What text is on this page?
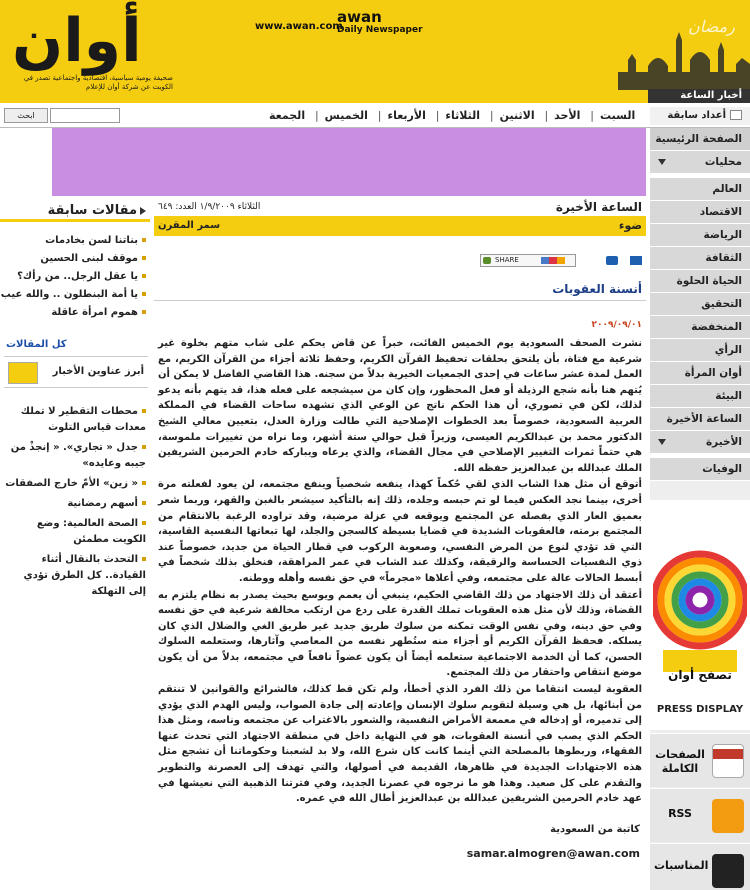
أوان
صحيفة يومية سياسية، اقتصادية واجتماعية تصدر في الكويت عن شركة أوان للإعلام
www.awan.com
awan
Daily Newspaper	رمضان
أخبار الساعة
ابحث	السبت| الأحد| الاثنين| الثلاثاء| الأربعاء| الخميس| الجمعة	أعداد سابقة
الصفحة الرئيسية
محليات
العالم
الاقتصاد
الرياضة
الثقافة
الحياة الحلوة
التحقيق
المنخفضة
الرأي
أوان المرأة
البيئة
الساعة الأخيرة
الأخيرة
الوفيات
تصفح أوان
PRESS DISPLAY
الصفحات الكاملة
RSS
المناسبات
مقالات سابقة
بناتنا لسن بخادمات
موقف لبنى الحسين
يا عقل الرجل.. من رأك؟
يا أمة البنطلون .. والله عيب
هموم امرأة عاقلة
كل المقالات
أبرز عناوين الأخبار
محطات التقطير لا تملك معدات قياس التلوث
جدل « تجاري». « إنجذْ من جيبه وعايده»
« زين» الأمّ خارج الصفقات
أسهم رمضانية
الصحة العالمية: وضع الكويت مطمئن
التحدث بالنقال أثناء القيادة.. كل الطرق تؤدي إلى التهلكة
الساعة الأخيرة
الثلاثاء ١/٩/٢٠٠٩ العدد: ٦٤٩
ضوء
سمر المقرن
SHARE
أنسنة العقوبات
٢٠٠٩/٠٩/٠١

نشرت الصحف السعودية يوم الخميس الفائت، خبراً عن قاض يحكم على شاب متهم بخلوة غير شرعية مع فتاة، بأن يلتحق بحلقات تحفيظ القرآن الكريم، وحفظ ثلاثة أجزاء من القرآن الكريم، مع العمل لمدة عشر ساعات في إحدى الجمعيات الخيرية بدلاً من سجنه. هذا القاضي الفاضل لا يمكن أن يُتهم هنا بأنه شجع الرذيلة أو فعل المحظور، وإن كان من سيشجعه على فعله هذا، قد يتهم بأنه يدعو لذلك، لكن في تصوري، أن هذا الحكم ناتج عن الوعي الذي تشهده ساحات القضاء في المملكة العربية السعودية، خصوصاً بعد الخطوات الإصلاحية التي طالت وزارة العدل، بتعيين معالي الشيخ الدكتور محمد بن عبدالكريم العيسى، وزيراً قبل حوالي ستة أشهر، وما نراه من تغييرات ملموسة، هي حتماً ثمرات التغيير الإصلاحي في مجال القضاء، والذي يرعاه ويباركه خادم الحرمين الشريفين الملك عبدالله بن عبدالعزيز حفظه الله.

أتوقع أن مثل هذا الشاب الذي لقي حُكماً كهذا، ينفعه شخصياً وينفع مجتمعه، لن يعود لفعلته مرة أخرى، بينما نجد العكس فيما لو تم حبسه وجلده، ذلك إنه بالتأكيد سيشعر بالغبن والقهر، وربما شعر بعميق العار الذي بفصله عن المجتمع ويوقعه في عزلة مرضية، وقد تراوده الرغبة بالانتقام من المجتمع برمته، فالعقوبات الشديدة في قضايا بسيطة كالسجن والجلد، لها تبعاتها النفسية القاسية، التي قد تؤدي لنوع من المرض النفسي، وصعوبة الركوب في قطار الحياة من جديد، خصوصاً عند ذوي النفسيات الحساسة والرقيقة، وكذلك عند الشاب في عمر المراهقة، فنخلق بذلك شخصاً في أبسط الحالات عالة على مجتمعه، وفي أعلاها «مجرماً» في حق نفسه وأهله ووطنه.

أعتقد أن ذلك الاجتهاد من ذلك القاضي الحكيم، ينبغي أن يعمم ويوسع بحيث يصدر به نظام يلتزم به القضاة، وذلك لأن مثل هذه العقوبات تملك القدرة على ردع من ارتكب مخالفة شرعية في حق نفسه وفي حق دينه، وفي نفس الوقت تمكنه من سلوك طريق جديد غير طريق الغي والضلال الذي كان يسلكه. فحفظ القرآن الكريم أو أجزاء منه ستُطهر نفسه من المعاصي وآثارها، وستعلمه السلوك الحسن، كما أن الخدمة الاجتماعية ستعلمه أيضاً أن يكون عضواً نافعاً في مجتمعه، بدلاً من أن يكون موضع انتقاص واحتقار من ذلك المجتمع.

العقوبة ليست انتقاما من ذلك الفرد الذي أخطأ، ولم تكن قط كذلك، فالشرائع والقوانين لا تنتقم من أبنائها، بل هي وسيلة لتقويم سلوك الإنسان وإعادته إلى جادة الصواب، وليس الهدم الذي يؤدي إلى تدميره، أو إدخاله في معمعة الأمراض النفسية، والشعور بالاغتراب عن مجتمعه وناسه، ومثل هذا الحكم الذي يصب في أنسنة العقوبات، هو في النهاية داخل في منطقة الاجتهاد التي تحدث عنها الفقهاء، وربطوها بالمصلحة التي أينما كانت كان شرع الله، ولا بد لشعبنا وحكوماتنا أن تشجع مثل هذه الاجتهادات الجديدة في ظاهرها، القديمة في أصولها، والتي تهدف إلى العصرنة والتطوير والتقدم على كل صعيد. وهذا هو ما نرجوه في عصرنا الجديد، وفي فترتنا الذهبية التي نعيشها في عهد خادم الحرمين الشريفين عبدالله بن عبدالعزيز أطال الله في عمره.

كاتبة من السعودية
samar.almogren@awan.com
